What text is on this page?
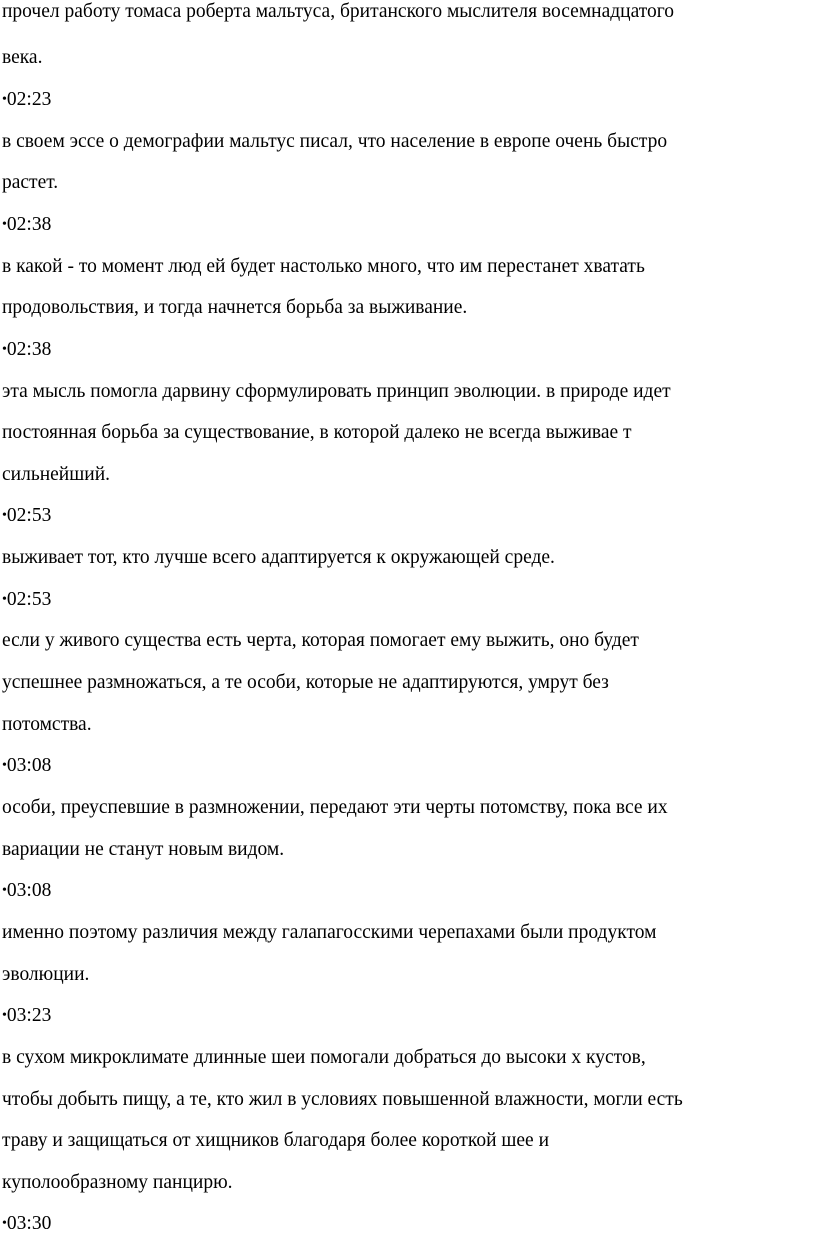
прочел работу томаса роберта мальтуса, британского мыслителя восемнадцатого
века.
•02:23
в своем эссе о демографии мальтус писал, что население в европе очень быстро
растет.
•02:38
в какой - то момент люд ей будет настолько много, что им перестанет хватать
продовольствия, и тогда начнется борьба за выживание.
•02:38
эта мысль помогла дарвину сформулировать принцип эволюции. в природе идет
постоянная борьба за существование, в которой далеко не всегда выживае т
сильнейший.
•02:53
выживает тот, кто лучше всего адаптируется к окружающей среде.
•02:53
если у живого существа есть черта, которая помогает ему выжить, оно будет
успешнее размножаться, а те особи, которые не адаптируются, умрут без
потомства.
•03:08
особи, преуспевшие в размножении, передают эти черты потомству, пока все их
вариации не станут новым видом.
•03:08
именно поэтому различия между галапагосскими черепахами были продуктом
эволюции.
•03:23
в сухом микроклимате длинные шеи помогали добраться до высоки х кустов,
чтобы добыть пищу, а те, кто жил в условиях повышенной влажности, могли есть
траву и защищаться от хищников благодаря более короткой шее и
куполообразному панцирю.
•03:30
